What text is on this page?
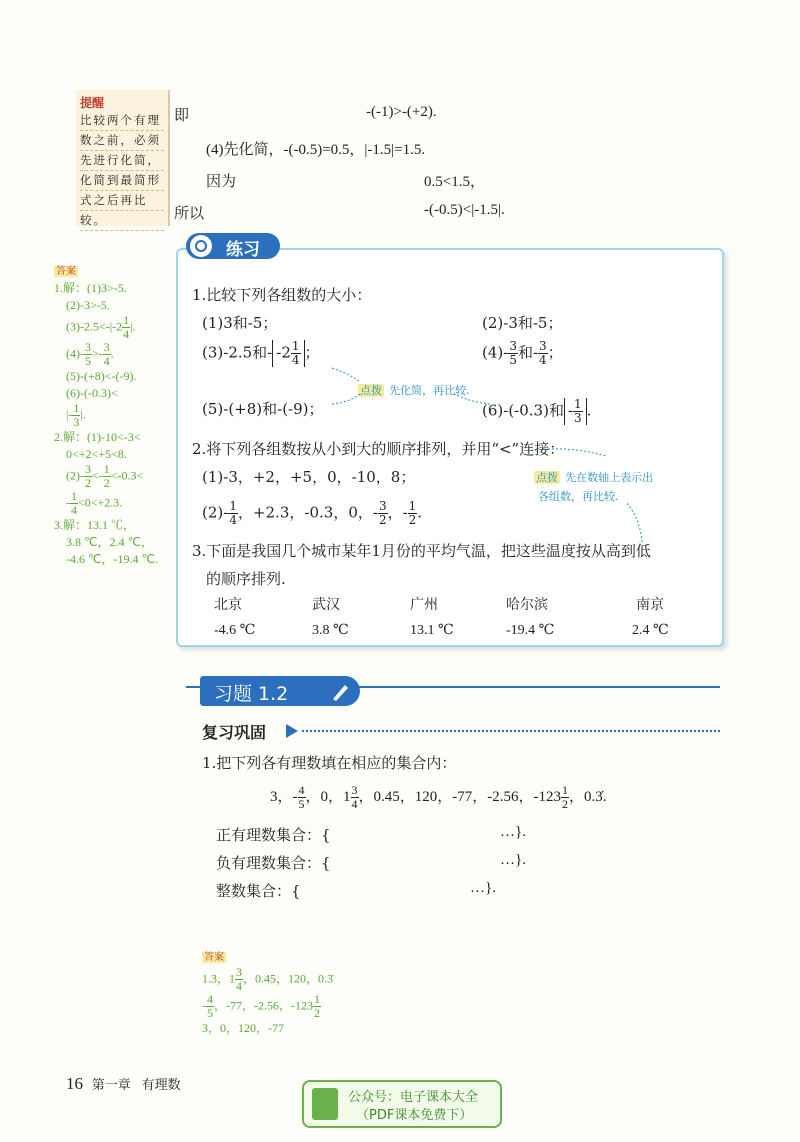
提醒
比较两个有理
数之前，必须
先进行化简，
化简到最简形
式之后再比
较。
即	-(-1)>-(+2).
(4)先化简，-(-0.5)=0.5，|-1.5|=1.5.
因为	0.5<1.5，
所以	-(-0.5)<|-1.5|.
练习
1.比较下列各组数的大小：
(1)3和-5；	(2)-3和-5；
(3)-2.5和- $-2 \frac{1}{4}$ ；	$(4)- \frac{3}{5}$ 和- $\frac{3}{4}$ ；
点拨 先化简，再比较.
(5)-(+8)和-(-9)；	(6)-(-0.3)和 - $\frac{1}{3}$ .
2.将下列各组数按从小到大的顺序排列，并用“<”连接：
(1)-3，+2，+5，0，-10，8；
$(2)- \frac{1}{4}$ ，+2.3，-0.3，0，- $\frac{3}{2}$ ，- $\frac{1}{2}$ .
点拨 先在数轴上表示出
各组数，再比较.
3.下面是我国几个城市某年1月份的平均气温，把这些温度按从高到低
的顺序排列.
北京	武汉	广州	哈尔滨	南京
-4.6 ℃	3.8 ℃	13.1 ℃	-19.4 ℃	2.4 ℃
答案
1.解：(1)3>-5.
(2)-3>-5.
$(3)-2.5<-|-2 \frac{1}{4}$ |.
$(4)- \frac{3}{5} >- \frac{3}{4}$ .
(5)-(+8)<-(-9).
(6)-(-0.3)<
|- $\frac{1}{3}$ |.
2.解：(1)-10<-3<
0<+2<+5<8.
$(2)- \frac{3}{2} <- \frac{1}{2} <-0.3<$
- $\frac{1}{4} <0<+2.3$.
3.解：13.1 ℃，
3.8 ℃，2.4 ℃，
-4.6 ℃，-19.4 ℃.
习题 1.2
复习巩固
1.把下列各有理数填在相应的集合内：
3，- $\frac{4}{5}$ ，0，$1 \frac{3}{4}$ ，0.45，120，-77，-2.56，$-123 \frac{1}{2}$ ，0.3̇.
正有理数集合：{	…}.
负有理数集合：{	…}.
整数集合：{	…}.
答案
1.3，$1 \frac{3}{4}$ ，0.45，120，0.3̇
- $\frac{4}{5}$ ，-77，-2.56，$-123 \frac{1}{2}$
3，0，120，-77
16 第一章 有理数
公众号：电子课本大全
（PDF课本免费下）
